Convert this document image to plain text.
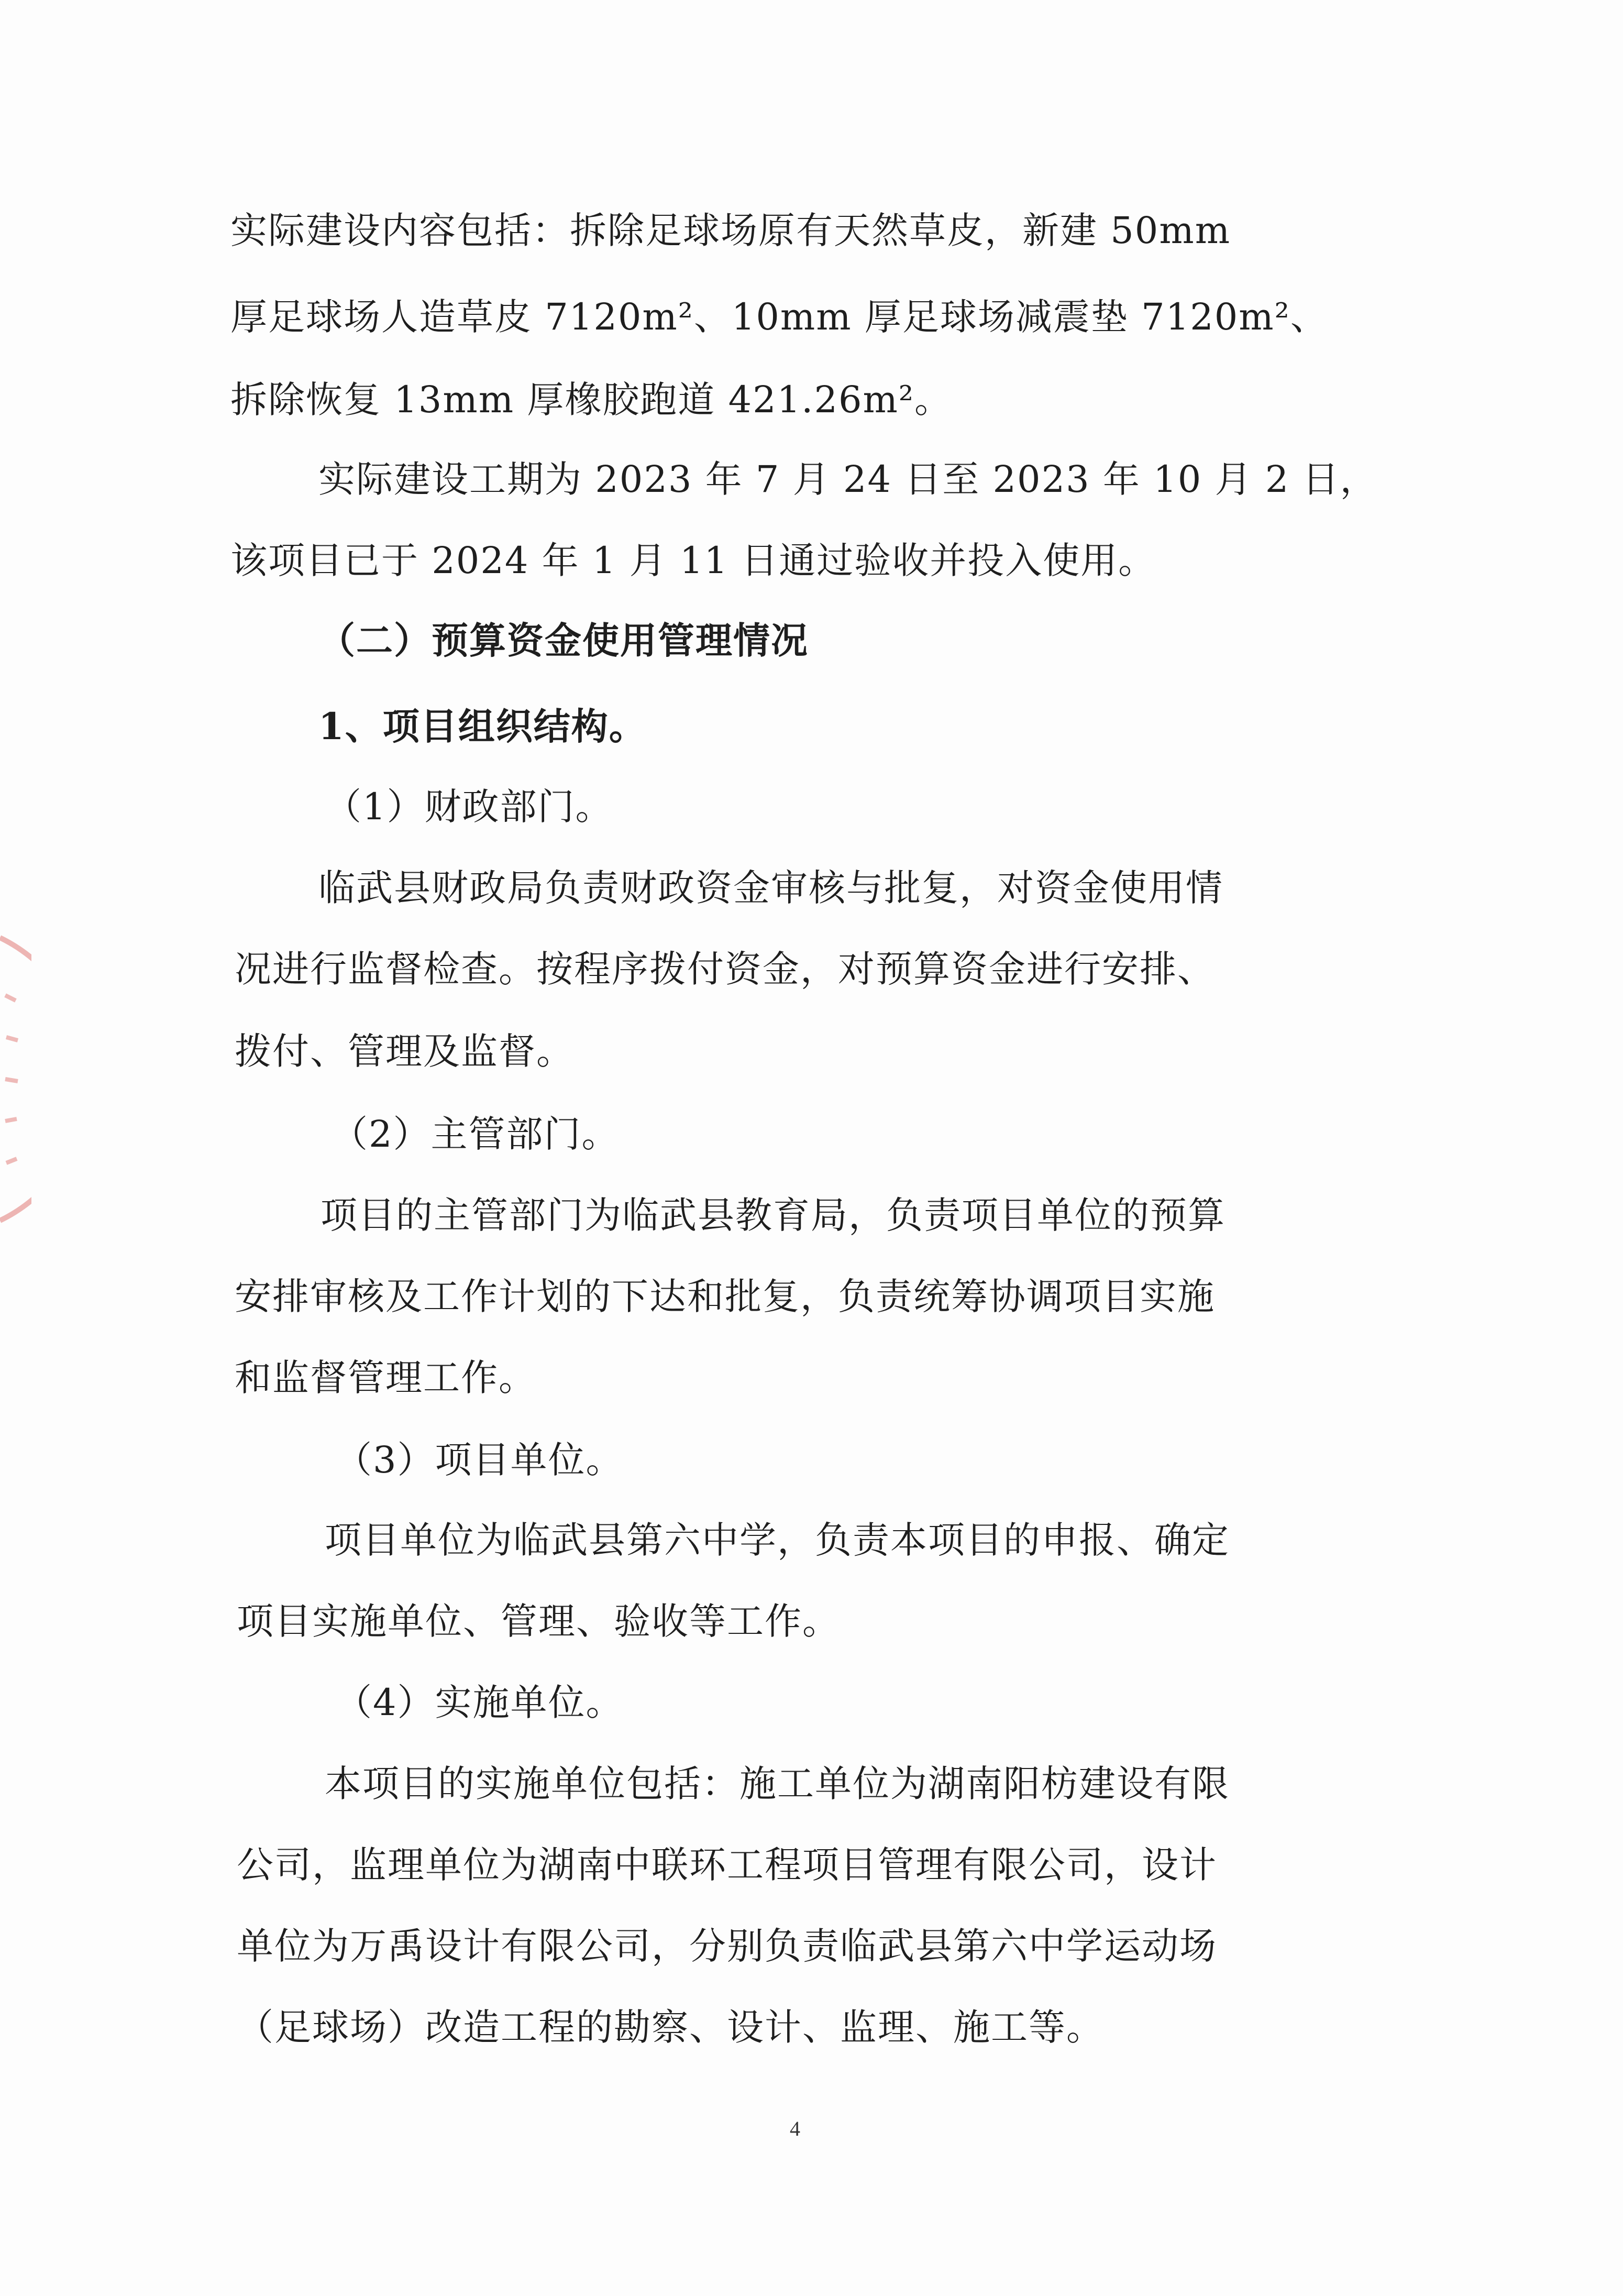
实际建设内容包括：拆除足球场原有天然草皮，新建 50mm
厚足球场人造草皮 7120m²、10mm 厚足球场减震垫 7120m²、
拆除恢复 13mm 厚橡胶跑道 421.26m²。
实际建设工期为 2023 年 7 月 24 日至 2023 年 10 月 2 日，
该项目已于 2024 年 1 月 11 日通过验收并投入使用。
（二）预算资金使用管理情况
1、项目组织结构。
（1）财政部门。
临武县财政局负责财政资金审核与批复，对资金使用情
况进行监督检查。按程序拨付资金，对预算资金进行安排、
拨付、管理及监督。
（2）主管部门。
项目的主管部门为临武县教育局，负责项目单位的预算
安排审核及工作计划的下达和批复，负责统筹协调项目实施
和监督管理工作。
（3）项目单位。
项目单位为临武县第六中学，负责本项目的申报、确定
项目实施单位、管理、验收等工作。
（4）实施单位。
本项目的实施单位包括：施工单位为湖南阳枋建设有限
公司，监理单位为湖南中联环工程项目管理有限公司，设计
单位为万禹设计有限公司，分别负责临武县第六中学运动场
（足球场）改造工程的勘察、设计、监理、施工等。
4
